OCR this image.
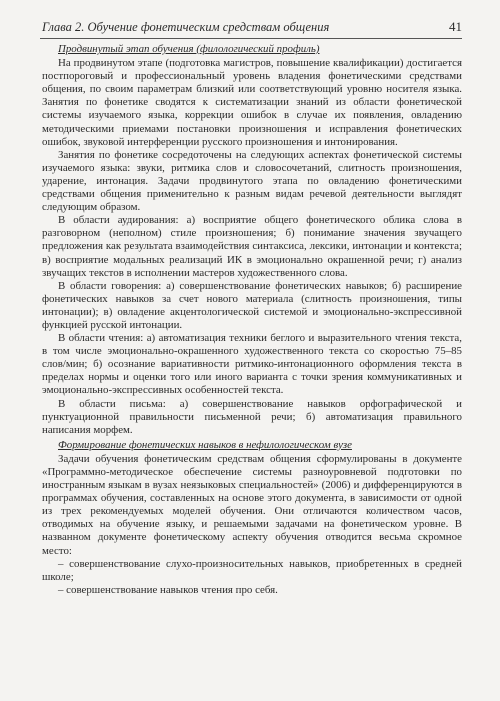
Глава 2. Обучение фонетическим средствам общения	41
Продвинутый этап обучения (филологический профиль)

На продвинутом этапе (подготовка магистров, повышение квалификации) достигается постпороговый и профессиональный уровень владения фонетическими средствами общения, по своим параметрам близкий или соответствующий уровню носителя языка. Занятия по фонетике сводятся к систематизации знаний из области фонетической системы изучаемого языка, коррекции ошибок в случае их появления, овладению методическими приемами постановки произношения и исправления фонетических ошибок, звуковой интерференции русского произношения и интонирования.

Занятия по фонетике сосредоточены на следующих аспектах фонетической системы изучаемого языка: звуки, ритмика слов и словосочетаний, слитность произношения, ударение, интонация. Задачи продвинутого этапа по овладению фонетическими средствами общения применительно к разным видам речевой деятельности выглядят следующим образом.

В области аудирования: а) восприятие общего фонетического облика слова в разговорном (неполном) стиле произношения; б) понимание значения звучащего предложения как результата взаимодействия синтаксиса, лексики, интонации и контекста; в) восприятие модальных реализаций ИК в эмоционально окрашенной речи; г) анализ звучащих текстов в исполнении мастеров художественного слова.

В области говорения: а) совершенствование фонетических навыков; б) расширение фонетических навыков за счет нового материала (слитность произношения, типы интонации); в) овладение акцентологической системой и эмоционально-экспрессивной функцией русской интонации.

В области чтения: а) автоматизация техники беглого и выразительного чтения текста, в том числе эмоционально-окрашенного художественного текста со скоростью 75–85 слов/мин; б) осознание вариативности ритмико-интонационного оформления текста в пределах нормы и оценки того или иного варианта с точки зрения коммуникативных и эмоционально-экспрессивных особенностей текста.

В области письма: а) совершенствование навыков орфографической и пунктуационной правильности письменной речи; б) автоматизация правильного написания морфем.

Формирование фонетических навыков в нефилологическом вузе

Задачи обучения фонетическим средствам общения сформулированы в документе «Программно-методическое обеспечение системы разноуровневой подготовки по иностранным языкам в вузах неязыковых специальностей» (2006) и дифференцируются в программах обучения, составленных на основе этого документа, в зависимости от одной из трех рекомендуемых моделей обучения. Они отличаются количеством часов, отводимых на обучение языку, и решаемыми задачами на фонетическом уровне. В названном документе фонетическому аспекту обучения отводится весьма скромное место:

– совершенствование слухо-произносительных навыков, приобретенных в средней школе;

– совершенствование навыков чтения про себя.
